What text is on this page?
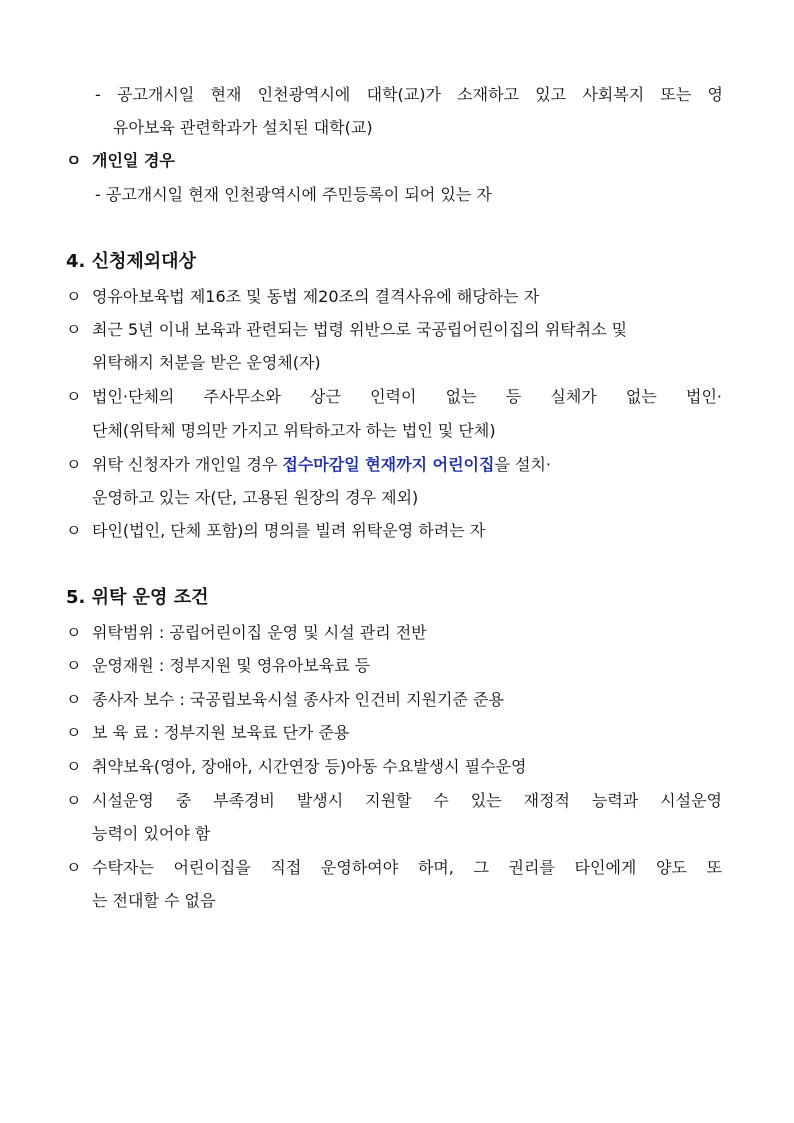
- 공고개시일 현재 인천광역시에 대학(교)가 소재하고 있고 사회복지 또는 영
유아보육 관련학과가 설치된 대학(교)
ㅇ 개인일 경우
- 공고개시일 현재 인천광역시에 주민등록이 되어 있는 자
4. 신청제외대상
ㅇ 영유아보육법 제16조 및 동법 제20조의 결격사유에 해당하는 자
ㅇ 최근 5년 이내 보육과 관련되는 법령 위반으로 국공립어린이집의 위탁취소 및
위탁해지 처분을 받은 운영체(자)
ㅇ 법인·단체의 주사무소와 상근 인력이 없는 등 실체가 없는 법인·
단체(위탁체 명의만 가지고 위탁하고자 하는 법인 및 단체)
ㅇ 위탁 신청자가 개인일 경우 접수마감일 현재까지 어린이집을 설치·
운영하고 있는 자(단, 고용된 원장의 경우 제외)
ㅇ 타인(법인, 단체 포함)의 명의를 빌려 위탁운영 하려는 자
5. 위탁 운영 조건
ㅇ 위탁범위 : 공립어린이집 운영 및 시설 관리 전반
ㅇ 운영재원 : 정부지원 및 영유아보육료 등
ㅇ 종사자 보수 : 국공립보육시설 종사자 인건비 지원기준 준용
ㅇ 보 육 료 : 정부지원 보육료 단가 준용
ㅇ 취약보육(영아, 장애아, 시간연장 등)아동 수요발생시 필수운영
ㅇ 시설운영 중 부족경비 발생시 지원할 수 있는 재정적 능력과 시설운영
능력이 있어야 함
ㅇ 수탁자는 어린이집을 직접 운영하여야 하며, 그 권리를 타인에게 양도 또
는 전대할 수 없음
